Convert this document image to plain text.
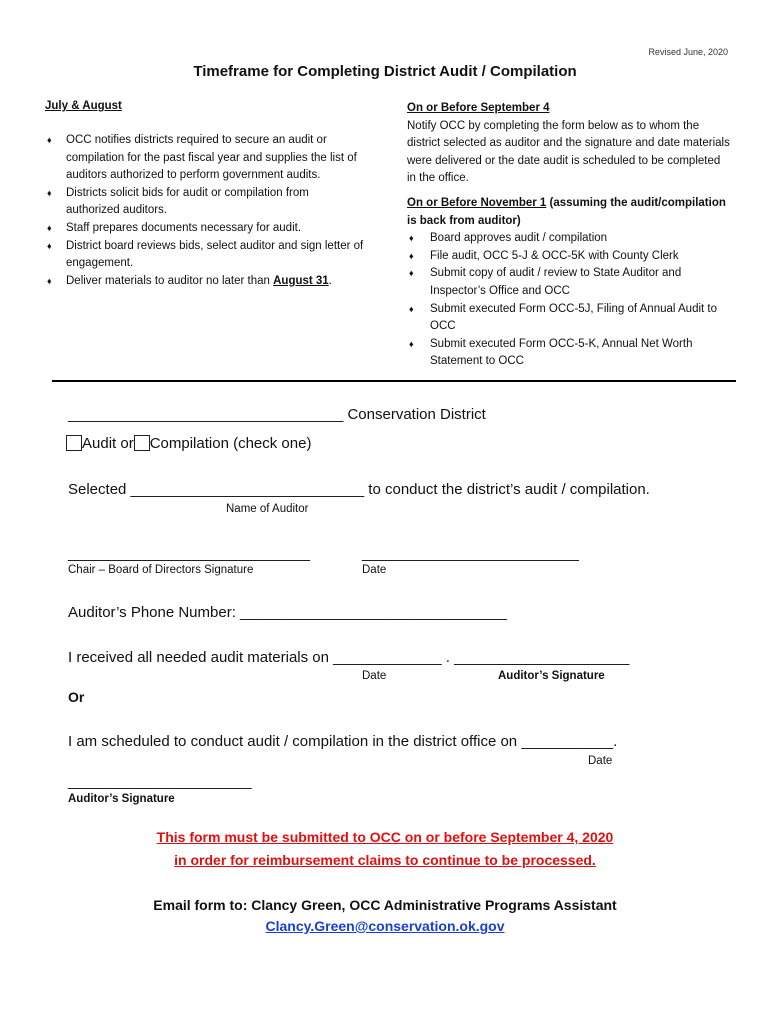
Revised June, 2020
Timeframe for Completing District Audit / Compilation
July & August
♦ OCC notifies districts required to secure an audit or compilation for the past fiscal year and supplies the list of auditors authorized to perform government audits.
♦ Districts solicit bids for audit or compilation from authorized auditors.
♦ Staff prepares documents necessary for audit.
♦ District board reviews bids, select auditor and sign letter of engagement.
♦ Deliver materials to auditor no later than August 31.
On or Before September 4

Notify OCC by completing the form below as to whom the district selected as auditor and the signature and date materials were delivered or the date audit is scheduled to be completed in the office.

On or Before November 1 (assuming the audit/compilation is back from auditor)

♦ Board approves audit / compilation
♦ File audit, OCC 5-J & OCC-5K with County Clerk
♦ Submit copy of audit / review to State Auditor and Inspector’s Office and OCC
♦ Submit executed Form OCC-5J, Filing of Annual Audit to OCC
♦ Submit executed Form OCC-5-K, Annual Net Worth Statement to OCC
_________________________________ Conservation District
Audit or Compilation (check one)
Selected ____________________________ to conduct the district’s audit / compilation.
Name of Auditor
_____________________________	__________________________
Chair – Board of Directors Signature	Date
Auditor’s Phone Number: ________________________________
I received all needed audit materials on _____________ . _____________________
Date	Auditor’s Signature
Or
I am scheduled to conduct audit / compilation in the district office on ___________.
Date
______________________
Auditor’s Signature
This form must be submitted to OCC on or before September 4, 2020
in order for reimbursement claims to continue to be processed.
Email form to: Clancy Green, OCC Administrative Programs Assistant
Clancy.Green@conservation.ok.gov
